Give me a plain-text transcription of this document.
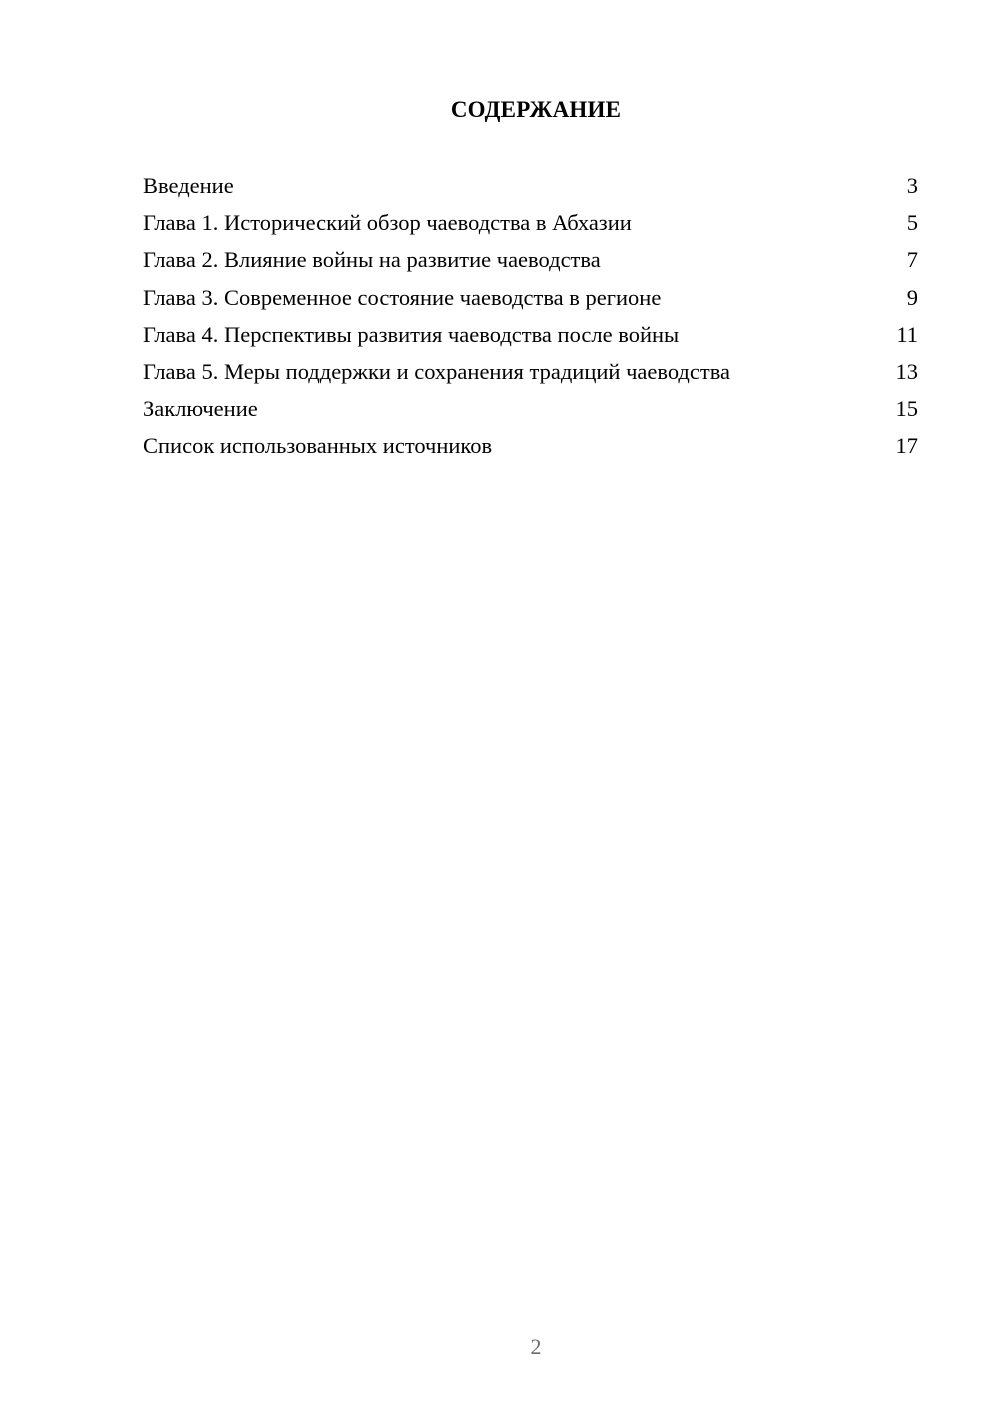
СОДЕРЖАНИЕ
Введение	3
Глава 1. Исторический обзор чаеводства в Абхазии	5
Глава 2. Влияние войны на развитие чаеводства	7
Глава 3. Современное состояние чаеводства в регионе	9
Глава 4. Перспективы развития чаеводства после войны	11
Глава 5. Меры поддержки и сохранения традиций чаеводства	13
Заключение	15
Список использованных источников	17
2
